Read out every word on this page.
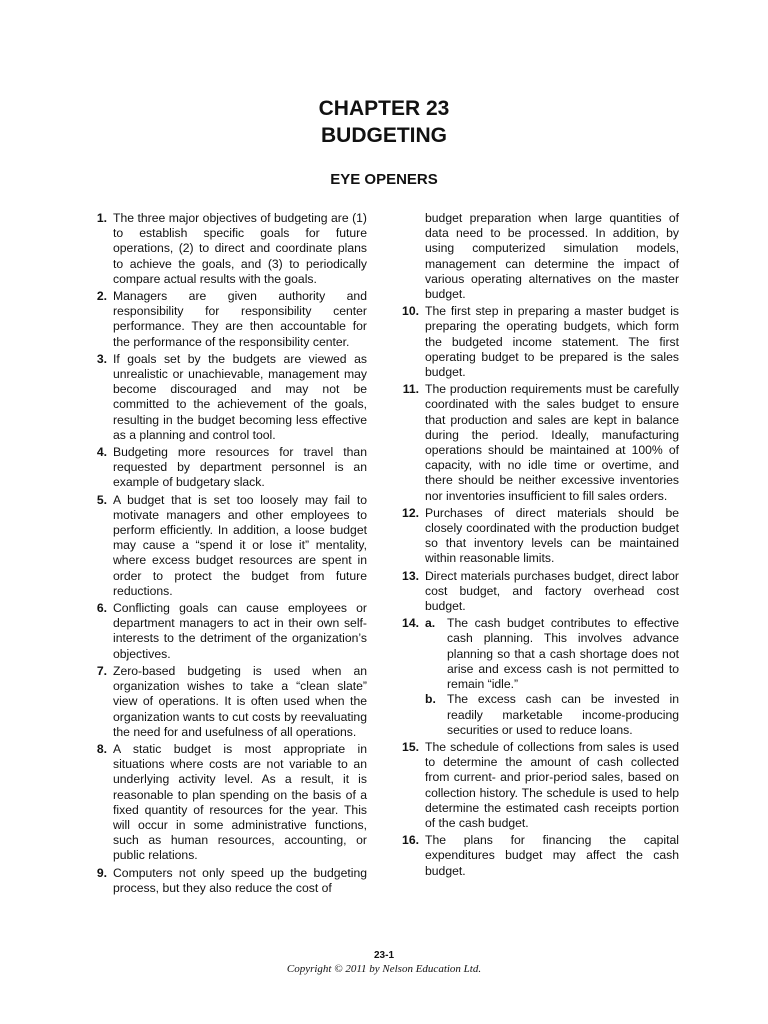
CHAPTER 23
BUDGETING
EYE OPENERS
1. The three major objectives of budgeting are (1) to establish specific goals for future operations, (2) to direct and coordinate plans to achieve the goals, and (3) to periodically compare actual results with the goals.
2. Managers are given authority and responsibility for responsibility center performance. They are then accountable for the performance of the responsibility center.
3. If goals set by the budgets are viewed as unrealistic or unachievable, management may become discouraged and may not be committed to the achievement of the goals, resulting in the budget becoming less effective as a planning and control tool.
4. Budgeting more resources for travel than requested by department personnel is an example of budgetary slack.
5. A budget that is set too loosely may fail to motivate managers and other employees to perform efficiently. In addition, a loose budget may cause a “spend it or lose it” mentality, where excess budget resources are spent in order to protect the budget from future reductions.
6. Conflicting goals can cause employees or department managers to act in their own self-interests to the detriment of the organization’s objectives.
7. Zero-based budgeting is used when an organization wishes to take a “clean slate” view of operations. It is often used when the organization wants to cut costs by reevaluating the need for and usefulness of all operations.
8. A static budget is most appropriate in situations where costs are not variable to an underlying activity level. As a result, it is reasonable to plan spending on the basis of a fixed quantity of resources for the year. This will occur in some administrative functions, such as human resources, accounting, or public relations.
9. Computers not only speed up the budgeting process, but they also reduce the cost of
budget preparation when large quantities of data need to be processed. In addition, by using computerized simulation models, management can determine the impact of various operating alternatives on the master budget.
10. The first step in preparing a master budget is preparing the operating budgets, which form the budgeted income statement. The first operating budget to be prepared is the sales budget.
11. The production requirements must be carefully coordinated with the sales budget to ensure that production and sales are kept in balance during the period. Ideally, manufacturing operations should be maintained at 100% of capacity, with no idle time or overtime, and there should be neither excessive inventories nor inventories insufficient to fill sales orders.
12. Purchases of direct materials should be closely coordinated with the production budget so that inventory levels can be maintained within reasonable limits.
13. Direct materials purchases budget, direct labor cost budget, and factory overhead cost budget.
14. a. The cash budget contributes to effective cash planning. This involves advance planning so that a cash shortage does not arise and excess cash is not permitted to remain “idle.”
b. The excess cash can be invested in readily marketable income-producing securities or used to reduce loans.
15. The schedule of collections from sales is used to determine the amount of cash collected from current- and prior-period sales, based on collection history. The schedule is used to help determine the estimated cash receipts portion of the cash budget.
16. The plans for financing the capital expenditures budget may affect the cash budget.
23-1
Copyright © 2011 by Nelson Education Ltd.
